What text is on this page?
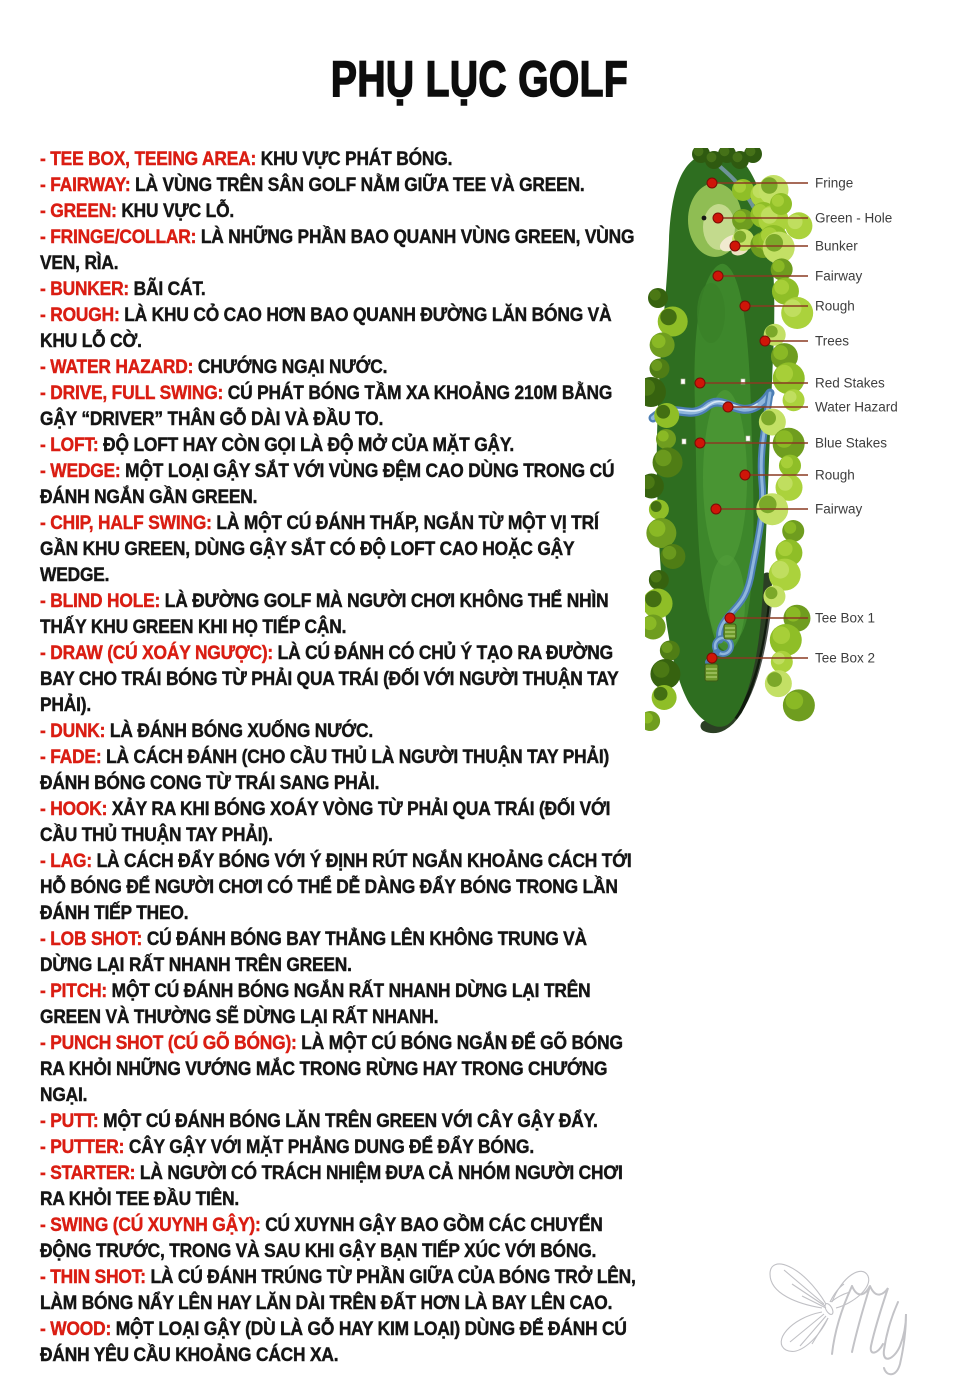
PHỤ LỤC GOLF

- TEE BOX, TEEING AREA: KHU VỰC PHÁT BÓNG.

- FAIRWAY: LÀ VÙNG TRÊN SÂN GOLF NẰM GIỮA TEE VÀ GREEN.

- GREEN: KHU VỰC LỖ.

- FRINGE/COLLAR: LÀ NHỮNG PHẦN BAO QUANH VÙNG GREEN, VÙNG VEN, RÌA.

- BUNKER: BÃI CÁT.

- ROUGH: LÀ KHU CỎ CAO HƠN BAO QUANH ĐƯỜNG LĂN BÓNG VÀ KHU LỖ CỜ.

- WATER HAZARD: CHƯỚNG NGẠI NƯỚC.

- DRIVE, FULL SWING: CÚ PHÁT BÓNG TẦM XA KHOẢNG 210M BẰNG GẬY “DRIVER” THÂN GỖ DÀI VÀ ĐẦU TO.

- LOFT: ĐỘ LOFT HAY CÒN GỌI LÀ ĐỘ MỞ CỦA MẶT GẬY.

- WEDGE: MỘT LOẠI GẬY SẮT VỚI VÙNG ĐỆM CAO DÙNG TRONG CÚ ĐÁNH NGẮN GẦN GREEN.

- CHIP, HALF SWING: LÀ MỘT CÚ ĐÁNH THẤP, NGẮN TỪ MỘT VỊ TRÍ GẦN KHU GREEN, DÙNG GẬY SẮT CÓ ĐỘ LOFT CAO HOẶC GẬY WEDGE.

- BLIND HOLE: LÀ ĐƯỜNG GOLF MÀ NGƯỜI CHƠI KHÔNG THỂ NHÌN THẤY KHU GREEN KHI HỌ TIẾP CẬN.

- DRAW (CÚ XOÁY NGƯỢC): LÀ CÚ ĐÁNH CÓ CHỦ Ý TẠO RA ĐƯỜNG BAY CHO TRÁI BÓNG TỪ PHẢI QUA TRÁI (ĐỐI VỚI NGƯỜI THUẬN TAY PHẢI).

- DUNK: LÀ ĐÁNH BÓNG XUỐNG NƯỚC.

- FADE: LÀ CÁCH ĐÁNH (CHO CẦU THỦ LÀ NGƯỜI THUẬN TAY PHẢI) ĐÁNH BÓNG CONG TỪ TRÁI SANG PHẢI.

- HOOK: XẢY RA KHI BÓNG XOÁY VÒNG TỪ PHẢI QUA TRÁI (ĐỐI VỚI CẦU THỦ THUẬN TAY PHẢI).

- LAG: LÀ CÁCH ĐẨY BÓNG VỚI Ý ĐỊNH RÚT NGẮN KHOẢNG CÁCH TỚI HỖ BÓNG ĐỂ NGƯỜI CHƠI CÓ THỂ DỄ DÀNG ĐẨY BÓNG TRONG LẦN ĐÁNH TIẾP THEO.

- LOB SHOT: CÚ ĐÁNH BÓNG BAY THẲNG LÊN KHÔNG TRUNG VÀ DỪNG LẠI RẤT NHANH TRÊN GREEN.

- PITCH: MỘT CÚ ĐÁNH BÓNG NGẮN RẤT NHANH DỪNG LẠI TRÊN GREEN VÀ THƯỜNG SẼ DỪNG LẠI RẤT NHANH.

- PUNCH SHOT (CÚ GÕ BÓNG): LÀ MỘT CÚ BÓNG NGẮN ĐỂ GÕ BÓNG RA KHỎI NHỮNG VƯỚNG MẮC TRONG RỪNG HAY TRONG CHƯỚNG NGẠI.

- PUTT: MỘT CÚ ĐÁNH BÓNG LĂN TRÊN GREEN VỚI CÂY GẬY ĐẨY.

- PUTTER: CÂY GẬY VỚI MẶT PHẲNG DUNG ĐỂ ĐẨY BÓNG.

- STARTER: LÀ NGƯỜI CÓ TRÁCH NHIỆM ĐƯA CẢ NHÓM NGƯỜI CHƠI RA KHỎI TEE ĐẦU TIÊN.

- SWING (CÚ XUYNH GẬY): CÚ XUYNH GẬY BAO GỒM CÁC CHUYỂN ĐỘNG TRƯỚC, TRONG VÀ SAU KHI GẬY BẠN TIẾP XÚC VỚI BÓNG.

- THIN SHOT: LÀ CÚ ĐÁNH TRÚNG TỪ PHẦN GIỮA CỦA BÓNG TRỞ LÊN, LÀM BÓNG NẨY LÊN HAY LĂN DÀI TRÊN ĐẤT HƠN LÀ BAY LÊN CAO.

- WOOD: MỘT LOẠI GẬY (DÙ LÀ GỖ HAY KIM LOẠI) DÙNG ĐỂ ĐÁNH CÚ ĐÁNH YÊU CẦU KHOẢNG CÁCH XA.

Fringe
Green - Hole
Bunker
Fairway
Rough
Trees
Red Stakes
Water Hazard
Blue Stakes
Rough
Fairway
Tee Box 1
Tee Box 2
